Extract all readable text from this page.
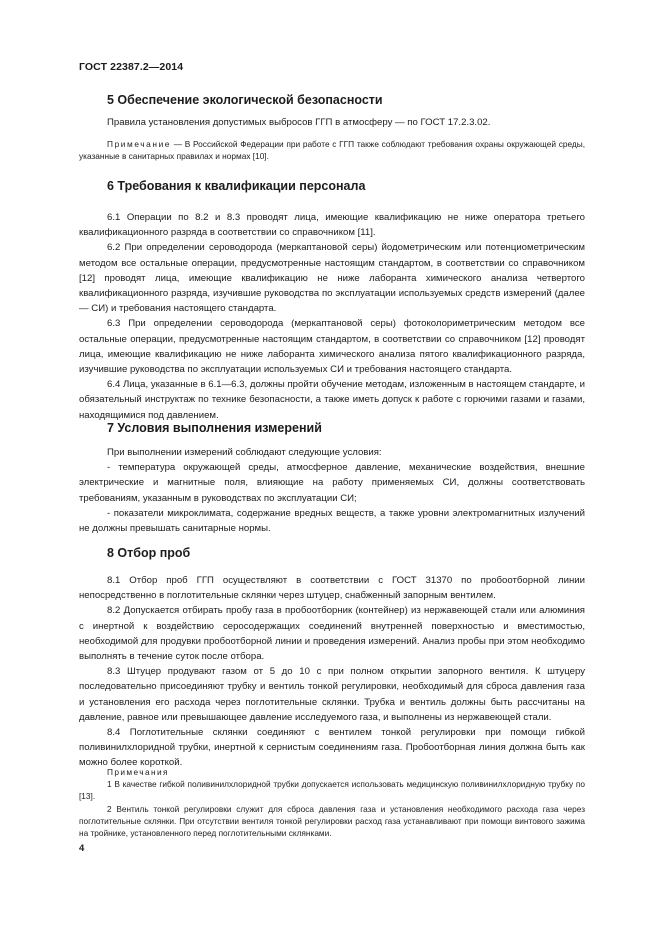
ГОСТ 22387.2—2014
5 Обеспечение экологической безопасности

Правила установления допустимых выбросов ГГП в атмосферу — по ГОСТ 17.2.3.02.

Примечание — В Российской Федерации при работе с ГГП также соблюдают требования охраны окружающей среды, указанные в санитарных правилах и нормах [10].

6 Требования к квалификации персонала

6.1 Операции по 8.2 и 8.3 проводят лица, имеющие квалификацию не ниже оператора третьего квалификационного разряда в соответствии со справочником [11].

6.2 При определении сероводорода (меркаптановой серы) йодометрическим или потенциометрическим методом все остальные операции, предусмотренные настоящим стандартом, в соответствии со справочником [12] проводят лица, имеющие квалификацию не ниже лаборанта химического анализа четвертого квалификационного разряда, изучившие руководства по эксплуатации используемых средств измерений (далее — СИ) и требования настоящего стандарта.

6.3 При определении сероводорода (меркаптановой серы) фотоколориметрическим методом все остальные операции, предусмотренные настоящим стандартом, в соответствии со справочником [12] проводят лица, имеющие квалификацию не ниже лаборанта химического анализа пятого квалификационного разряда, изучившие руководства по эксплуатации используемых СИ и требования настоящего стандарта.

6.4 Лица, указанные в 6.1—6.3, должны пройти обучение методам, изложенным в настоящем стандарте, и обязательный инструктаж по технике безопасности, а также иметь допуск к работе с горючими газами и газами, находящимися под давлением.

7 Условия выполнения измерений

При выполнении измерений соблюдают следующие условия:

- температура окружающей среды, атмосферное давление, механические воздействия, внешние электрические и магнитные поля, влияющие на работу применяемых СИ, должны соответствовать требованиям, указанным в руководствах по эксплуатации СИ;

- показатели микроклимата, содержание вредных веществ, а также уровни электромагнитных излучений не должны превышать санитарные нормы.

8 Отбор проб

8.1 Отбор проб ГГП осуществляют в соответствии с ГОСТ 31370 по пробоотборной линии непосредственно в поглотительные склянки через штуцер, снабженный запорным вентилем.

8.2 Допускается отбирать пробу газа в пробоотборник (контейнер) из нержавеющей стали или алюминия с инертной к воздействию серосодержащих соединений внутренней поверхностью и вместимостью, необходимой для продувки пробоотборной линии и проведения измерений. Анализ пробы при этом необходимо выполнять в течение суток после отбора.

8.3 Штуцер продувают газом от 5 до 10 с при полном открытии запорного вентиля. К штуцеру последовательно присоединяют трубку и вентиль тонкой регулировки, необходимый для сброса давления газа и установления его расхода через поглотительные склянки. Трубка и вентиль должны быть рассчитаны на давление, равное или превышающее давление исследуемого газа, и выполнены из нержавеющей стали.

8.4 Поглотительные склянки соединяют с вентилем тонкой регулировки при помощи гибкой поливинилхлоридной трубки, инертной к сернистым соединениям газа. Пробоотборная линия должна быть как можно более короткой.

Примечания

1 В качестве гибкой поливинилхлоридной трубки допускается использовать медицинскую поливинилхлоридную трубку по [13].

2 Вентиль тонкой регулировки служит для сброса давления газа и установления необходимого расхода газа через поглотительные склянки. При отсутствии вентиля тонкой регулировки расход газа устанавливают при помощи винтового зажима на тройнике, установленного перед поглотительными склянками.

4
